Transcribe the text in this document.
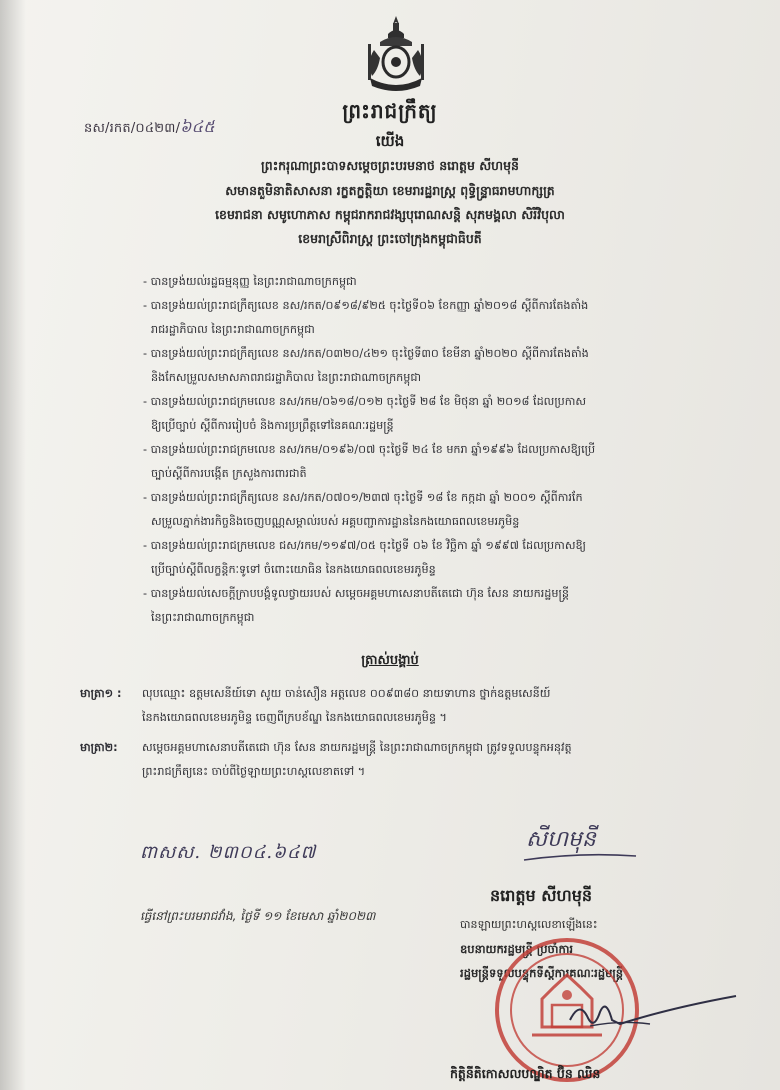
នស/រកត/០៤២៣/៦៤៥
ព្រះរាជក្រឹត្យ
យើង
ព្រះករុណាព្រះបាទសម្តេចព្រះបរមនាថ នរោត្តម សីហមុនី
សមានតួមិនាតិសាសនា រក្ខតក្ខត្តិយា ខេមរារដ្ឋរាស្ត្រ ពុទ្ធិន្ទ្រាធរាមហាក្សត្រ
ខេមរាជនា សមូហោភាស កម្ពុជរាករាជវង្សបុរោណសន្តិ សុភមង្គលា សិរីវិបុលា
ខេមរាស្រីពិរាស្ត្រ ព្រះចៅក្រុងកម្ពុជាធិបតី
- បានទ្រង់យល់រដ្ឋធម្មនុញ្ញ នៃព្រះរាជាណាចក្រកម្ពុជា
- បានទ្រង់យល់ព្រះរាជក្រឹត្យលេខ នស/រកត/០៩១៨/៩២៥ ចុះថ្ងៃទី០៦ ខែកញ្ញា ឆ្នាំ២០១៨ ស្តីពីការតែងតាំង
រាជរដ្ឋាភិបាល នៃព្រះរាជាណាចក្រកម្ពុជា
- បានទ្រង់យល់ព្រះរាជក្រឹត្យលេខ នស/រកត/០៣២០/៤២១ ចុះថ្ងៃទី៣០ ខែមីនា ឆ្នាំ២០២០ ស្តីពីការតែងតាំង
និងកែសម្រួលសមាសភាពរាជរដ្ឋាភិបាល នៃព្រះរាជាណាចក្រកម្ពុជា
- បានទ្រង់យល់ព្រះរាជក្រមលេខ នស/រកម/០៦១៨/០១២ ចុះថ្ងៃទី ២៨ ខែ មិថុនា ឆ្នាំ ២០១៨ ដែលប្រកាស
ឱ្យប្រើច្បាប់ ស្តីពីការរៀបចំ និងការប្រព្រឹត្តទៅនៃគណៈរដ្ឋមន្ត្រី
- បានទ្រង់យល់ព្រះរាជក្រមលេខ នស/រកម/០១៩៦/០៧ ចុះថ្ងៃទី ២៤ ខែ មករា ឆ្នាំ១៩៩៦ ដែលប្រកាសឱ្យប្រើ
ច្បាប់ស្តីពីការបង្កើត ក្រសួងការពារជាតិ
- បានទ្រង់យល់ព្រះរាជក្រឹត្យលេខ នស/រកត/០៧០១/២៣៧ ចុះថ្ងៃទី ១៨ ខែ កក្កដា ឆ្នាំ ២០០១ ស្តីពីការកែ
សម្រួលភ្នាក់ងារកិច្ចនិងចេញបណ្ណសម្គាល់របស់ អគ្គបញ្ជាការដ្ឋាននៃកងយោធពលខេមរភូមិន្ទ
- បានទ្រង់យល់ព្រះរាជក្រមលេខ ជស/រកម/១១៩៧/០៥ ចុះថ្ងៃទី ០៦ ខែ វិច្ឆិកា ឆ្នាំ ១៩៩៧ ដែលប្រកាសឱ្យ
ប្រើច្បាប់ស្តីពីលក្ខន្តិកៈទូទៅ ចំពោះយោធិន នៃកងយោធពលខេមរភូមិន្ទ
- បានទ្រង់យល់សេចក្តីក្រាបបង្គំទូលថ្វាយរបស់ សម្តេចអគ្គមហាសេនាបតីតេជោ ហ៊ុន សែន នាយករដ្ឋមន្ត្រី
នៃព្រះរាជាណាចក្រកម្ពុជា
ត្រាស់បង្គាប់
មាត្រា១ : លុបឈ្មោះ ឧត្តមសេនីយ៍ទោ សូយ ចាន់សឿន អត្តលេខ ០០៩៣៨០ នាយទាហាន ថ្នាក់ឧត្តមសេនីយ៍
នៃកងយោធពលខេមរភូមិន្ទ ចេញពីក្របខ័ណ្ឌ នៃកងយោធពលខេមរភូមិន្ទ ។
មាត្រា២: សម្តេចអគ្គមហាសេនាបតីតេជោ ហ៊ុន សែន នាយករដ្ឋមន្ត្រី នៃព្រះរាជាណាចក្រកម្ពុជា ត្រូវទទួលបន្ទុកអនុវត្ត
ព្រះរាជក្រឹត្យនេះ ចាប់ពីថ្ងៃឡាយព្រះហស្តលេខាតទៅ ។
ពាសស. ២៣០៤.៦៤៧
សីហមុនី
នរោត្តម សីហមុនី
ធ្វើនៅព្រះបរមរាជវាំង, ថ្ងៃទី ១១ ខែមេសា ឆ្នាំ២០២៣
បានឡាយព្រះហស្តលេខាឡើងនេះ
ឧបនាយករដ្ឋមន្ត្រី ប្រចាំការ
រដ្ឋមន្ត្រីទទួលបន្ទុកទីស្តីការគណៈរដ្ឋមន្ត្រី
កិត្តិនីតិកោសលបណ្ឌិត ប៊ិន ឈិន
